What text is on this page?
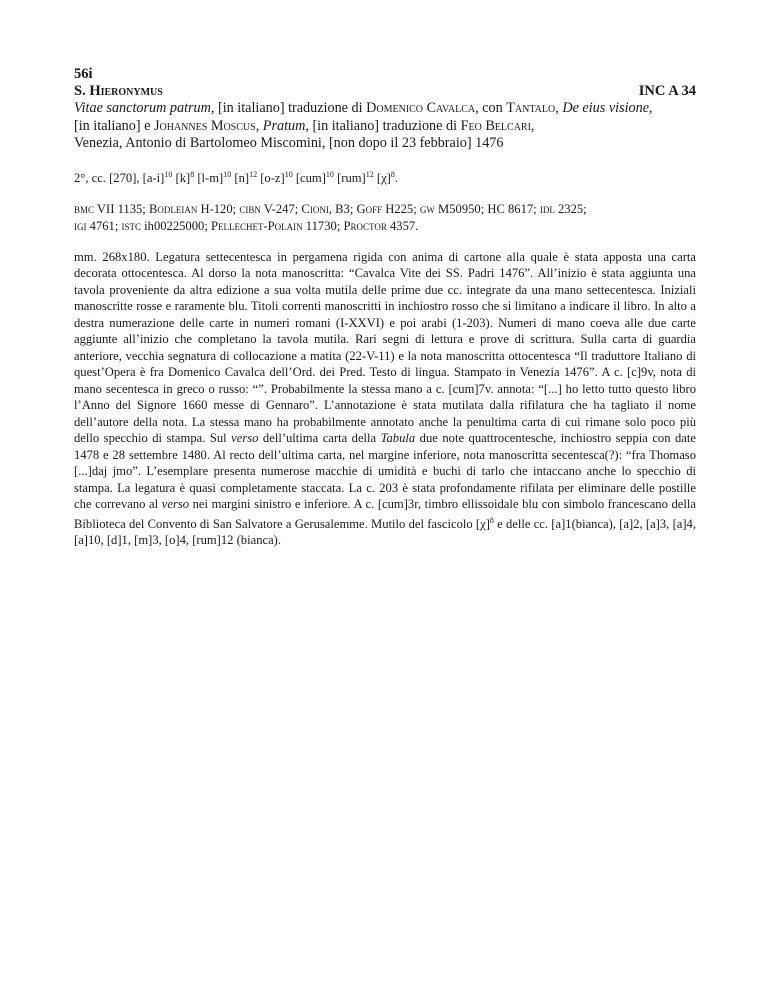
56i
S. Hieronymus	INC A 34
Vitae sanctorum patrum, [in italiano] traduzione di Domenico Cavalca, con Tantalo, De eius visione,
[in italiano] e Johannes Moscus, Pratum, [in italiano] traduzione di Feo Belcari,
Venezia, Antonio di Bartolomeo Miscomini, [non dopo il 23 febbraio] 1476
2°, cc. [270], $[a-i]^{10}$ $[k]^8$ $[l-m]^{10}$ $[n]^{12}$ $[o-z]^{10}$ [cum]$^{10}$ [rum]$^{12}$ $[\chi]^8$.
bmc VII 1135; Bodleian H-120; cibn V-247; Cioni, B3; Goff H225; gw M50950; HC 8617; idl 2325;
igi 4761; istc ih00225000; Pellechet-Polain 11730; Proctor 4357.
mm. 268x180. Legatura settecentesca in pergamena rigida con anima di cartone alla quale è stata apposta una carta decorata ottocentesca. Al dorso la nota manoscritta: “Cavalca Vite dei SS. Padri 1476”. All’inizio è stata aggiunta una tavola proveniente da altra edizione a sua volta mutila delle prime due cc. integrate da una mano settecentesca. Iniziali manoscritte rosse e raramente blu. Titoli correnti manoscritti in inchiostro rosso che si limitano a indicare il libro. In alto a destra numerazione delle carte in numeri romani (I-XXVI) e poi arabi (1-203). Numeri di mano coeva alle due carte aggiunte all’inizio che completano la tavola mutila. Rari segni di lettura e prove di scrittura. Sulla carta di guardia anteriore, vecchia segnatura di collocazione a matita (22-V-11) e la nota manoscritta ottocentesca “Il traduttore Italiano di quest’Opera è fra Domenico Cavalca dell’Ord. dei Pred. Testo di lingua. Stampato in Venezia 1476”. A c. [c]9v, nota di mano secentesca in greco o russo: “”. Probabilmente la stessa mano a c. [cum]7v. annota: “[...] ho letto tutto questo libro l’Anno del Signore 1660 messe di Gennaro”. L’annotazione è stata mutilata dalla rifilatura che ha tagliato il nome dell’autore della nota. La stessa mano ha probabilmente annotato anche la penultima carta di cui rimane solo poco più dello specchio di stampa. Sul verso dell’ultima carta della Tabula due note quattrocentesche, inchiostro seppia con date 1478 e 28 settembre 1480. Al recto dell’ultima carta, nel margine inferiore, nota manoscritta secentesca(?): “fra Thomaso [...]daj jmo”. L’esemplare presenta numerose macchie di umidità e buchi di tarlo che intaccano anche lo specchio di stampa. La legatura è quasi completamente staccata. La c. 203 è stata profondamente rifilata per eliminare delle postille che correvano al verso nei margini sinistro e inferiore. A c. [cum]3r, timbro ellissoidale blu con simbolo francescano della Biblioteca del Convento di San Salvatore a Gerusalemme. Mutilo del fascicolo $[\chi]^8$ e delle cc. [a]1(bianca), [a]2, [a]3, [a]4, [a]10, [d]1, [m]3, [o]4, [rum]12 (bianca).
